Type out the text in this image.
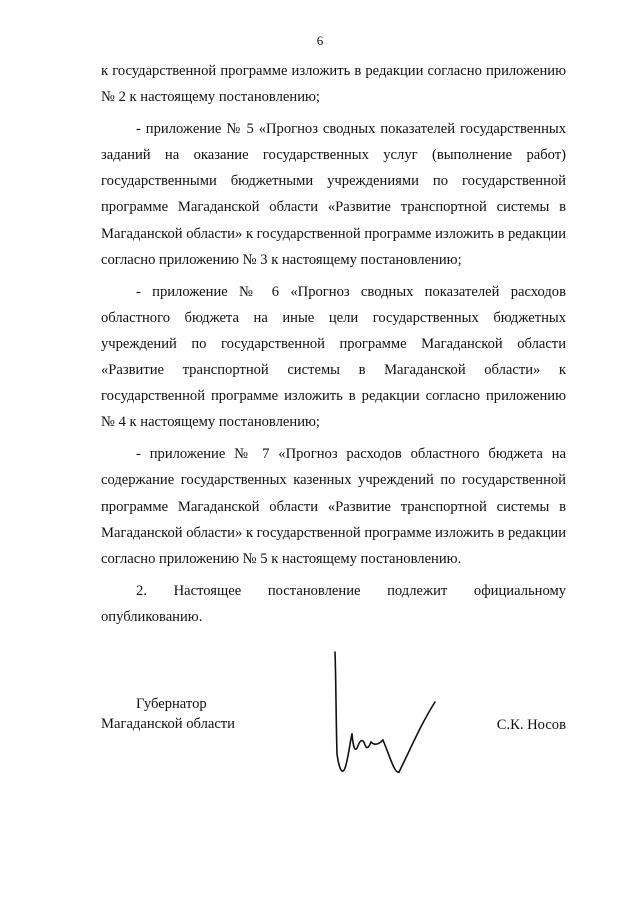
6

к государственной программе изложить в редакции согласно приложению № 2 к настоящему постановлению;

- приложение № 5 «Прогноз сводных показателей государственных заданий на оказание государственных услуг (выполнение работ) государственными бюджетными учреждениями по государственной программе Магаданской области «Развитие транспортной системы в Магаданской области» к государственной программе изложить в редакции согласно приложению № 3 к настоящему постановлению;

- приложение № 6 «Прогноз сводных показателей расходов областного бюджета на иные цели государственных бюджетных учреждений по государственной программе Магаданской области «Развитие транспортной системы в Магаданской области» к государственной программе изложить в редакции согласно приложению № 4 к настоящему постановлению;

- приложение № 7 «Прогноз расходов областного бюджета на содержание государственных казенных учреждений по государственной программе Магаданской области «Развитие транспортной системы в Магаданской области» к государственной программе изложить в редакции согласно приложению № 5 к настоящему постановлению.

2. Настоящее постановление подлежит официальному опубликованию.

Губернатор
Магаданской области	С.К. Носов
